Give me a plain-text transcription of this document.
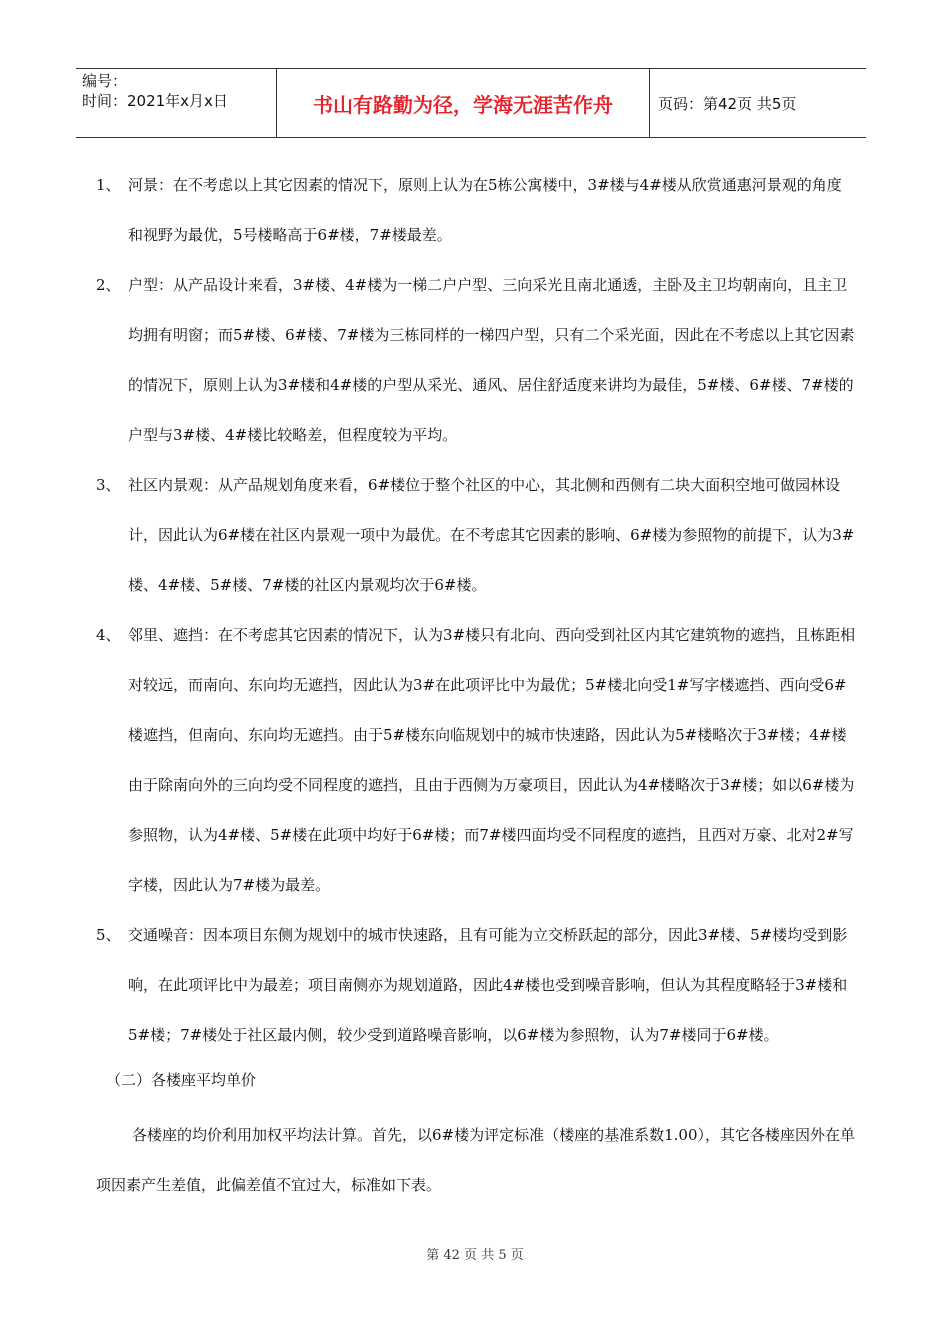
编号：
时间：2021年x月x日	书山有路勤为径，学海无涯苦作舟	页码：第42页 共5页
1、 河景：在不考虑以上其它因素的情况下，原则上认为在5栋公寓楼中，3#楼与4#楼从欣赏通惠河景观的角度和视野为最优，5号楼略高于6#楼，7#楼最差。

2、 户型：从产品设计来看，3#楼、4#楼为一梯二户户型、三向采光且南北通透，主卧及主卫均朝南向，且主卫均拥有明窗；而5#楼、6#楼、7#楼为三栋同样的一梯四户型，只有二个采光面，因此在不考虑以上其它因素的情况下，原则上认为3#楼和4#楼的户型从采光、通风、居住舒适度来讲均为最佳，5#楼、6#楼、7#楼的户型与3#楼、4#楼比较略差，但程度较为平均。

3、 社区内景观：从产品规划角度来看，6#楼位于整个社区的中心，其北侧和西侧有二块大面积空地可做园林设计，因此认为6#楼在社区内景观一项中为最优。在不考虑其它因素的影响、6#楼为参照物的前提下，认为3#楼、4#楼、5#楼、7#楼的社区内景观均次于6#楼。

4、 邻里、遮挡：在不考虑其它因素的情况下，认为3#楼只有北向、西向受到社区内其它建筑物的遮挡，且栋距相对较远，而南向、东向均无遮挡，因此认为3#在此项评比中为最优；5#楼北向受1#写字楼遮挡、西向受6#楼遮挡，但南向、东向均无遮挡。由于5#楼东向临规划中的城市快速路，因此认为5#楼略次于3#楼；4#楼由于除南向外的三向均受不同程度的遮挡，且由于西侧为万豪项目，因此认为4#楼略次于3#楼；如以6#楼为参照物，认为4#楼、5#楼在此项中均好于6#楼；而7#楼四面均受不同程度的遮挡，且西对万豪、北对2#写字楼，因此认为7#楼为最差。

5、 交通噪音：因本项目东侧为规划中的城市快速路，且有可能为立交桥跃起的部分，因此3#楼、5#楼均受到影响，在此项评比中为最差；项目南侧亦为规划道路，因此4#楼也受到噪音影响，但认为其程度略轻于3#楼和5#楼；7#楼处于社区最内侧，较少受到道路噪音影响，以6#楼为参照物，认为7#楼同于6#楼。

（二）各楼座平均单价

各楼座的均价利用加权平均法计算。首先，以6#楼为评定标准（楼座的基准系数1.00），其它各楼座因外在单项因素产生差值，此偏差值不宜过大，标准如下表。

第 42 页 共 5 页
